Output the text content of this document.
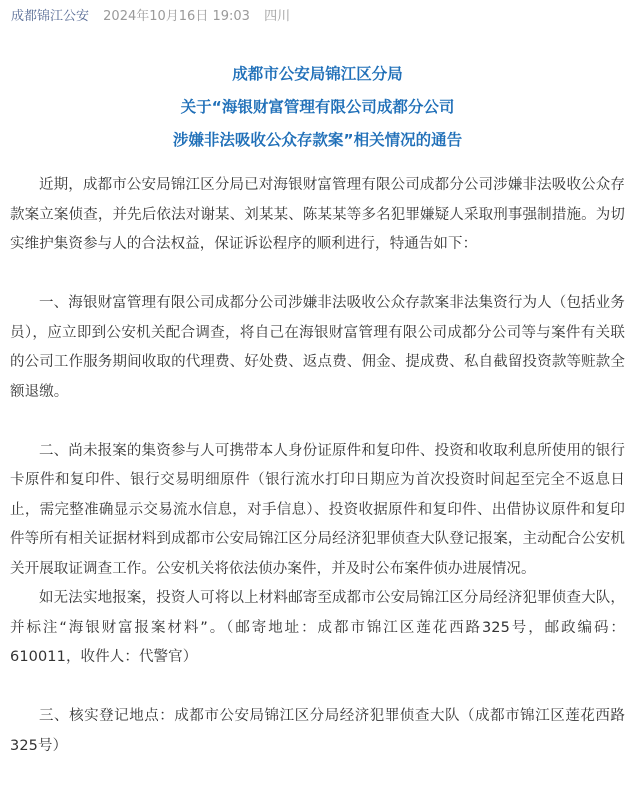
成都锦江公安 2024年10月16日 19:03 四川
成都市公安局锦江区分局
关于“海银财富管理有限公司成都分公司
涉嫌非法吸收公众存款案”相关情况的通告

近期，成都市公安局锦江区分局已对海银财富管理有限公司成都分公司涉嫌非法吸收公众存款案立案侦查，并先后依法对谢某、刘某某、陈某某等多名犯罪嫌疑人采取刑事强制措施。为切实维护集资参与人的合法权益，保证诉讼程序的顺利进行，特通告如下：

一、海银财富管理有限公司成都分公司涉嫌非法吸收公众存款案非法集资行为人（包括业务员），应立即到公安机关配合调查，将自己在海银财富管理有限公司成都分公司等与案件有关联的公司工作服务期间收取的代理费、好处费、返点费、佣金、提成费、私自截留投资款等赃款全额退缴。

二、尚未报案的集资参与人可携带本人身份证原件和复印件、投资和收取利息所使用的银行卡原件和复印件、银行交易明细原件（银行流水打印日期应为首次投资时间起至完全不返息日止，需完整准确显示交易流水信息，对手信息）、投资收据原件和复印件、出借协议原件和复印件等所有相关证据材料到成都市公安局锦江区分局经济犯罪侦查大队登记报案，主动配合公安机关开展取证调查工作。公安机关将依法侦办案件，并及时公布案件侦办进展情况。

如无法实地报案，投资人可将以上材料邮寄至成都市公安局锦江区分局经济犯罪侦查大队，并标注“海银财富报案材料”。（邮寄地址：成都市锦江区莲花西路325号，邮政编码：610011，收件人：代警官）

三、核实登记地点：成都市公安局锦江区分局经济犯罪侦查大队（成都市锦江区莲花西路325号）
